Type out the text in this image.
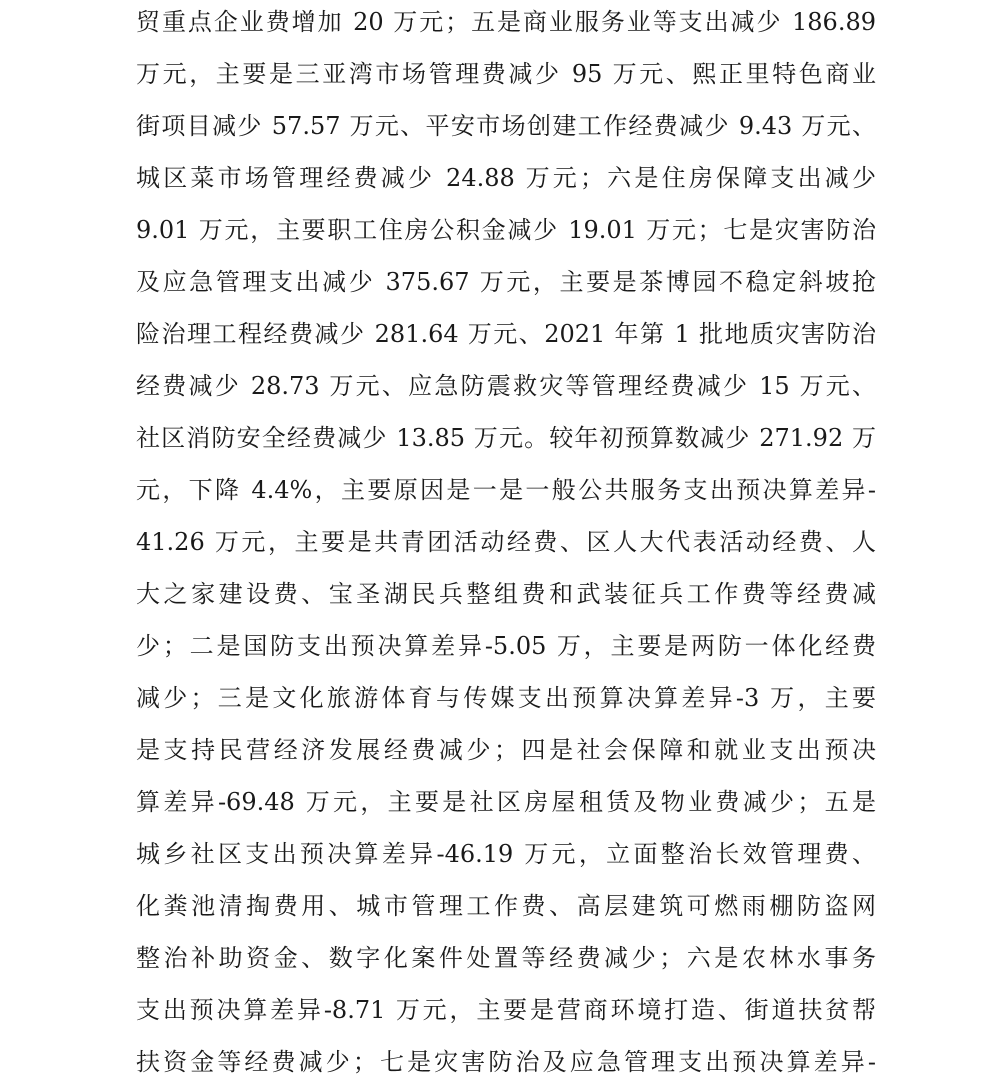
贸重点企业费增加 20 万元；五是商业服务业等支出减少 186.89
万元，主要是三亚湾市场管理费减少 95 万元、熙正里特色商业
街项目减少 57.57 万元、平安市场创建工作经费减少 9.43 万元、
城区菜市场管理经费减少 24.88 万元；六是住房保障支出减少
9.01 万元，主要职工住房公积金减少 19.01 万元；七是灾害防治
及应急管理支出减少 375.67 万元，主要是茶博园不稳定斜坡抢
险治理工程经费减少 281.64 万元、2021 年第 1 批地质灾害防治
经费减少 28.73 万元、应急防震救灾等管理经费减少 15 万元、
社区消防安全经费减少 13.85 万元。较年初预算数减少 271.92 万
元，下降 4.4%，主要原因是一是一般公共服务支出预决算差异-
41.26 万元，主要是共青团活动经费、区人大代表活动经费、人
大之家建设费、宝圣湖民兵整组费和武装征兵工作费等经费减
少；二是国防支出预决算差异-5.05 万，主要是两防一体化经费
减少；三是文化旅游体育与传媒支出预算决算差异-3 万，主要
是支持民营经济发展经费减少；四是社会保障和就业支出预决
算差异-69.48 万元，主要是社区房屋租赁及物业费减少；五是
城乡社区支出预决算差异-46.19 万元，立面整治长效管理费、
化粪池清掏费用、城市管理工作费、高层建筑可燃雨棚防盗网
整治补助资金、数字化案件处置等经费减少；六是农林水事务
支出预决算差异-8.71 万元，主要是营商环境打造、街道扶贫帮
扶资金等经费减少；七是灾害防治及应急管理支出预决算差异-
